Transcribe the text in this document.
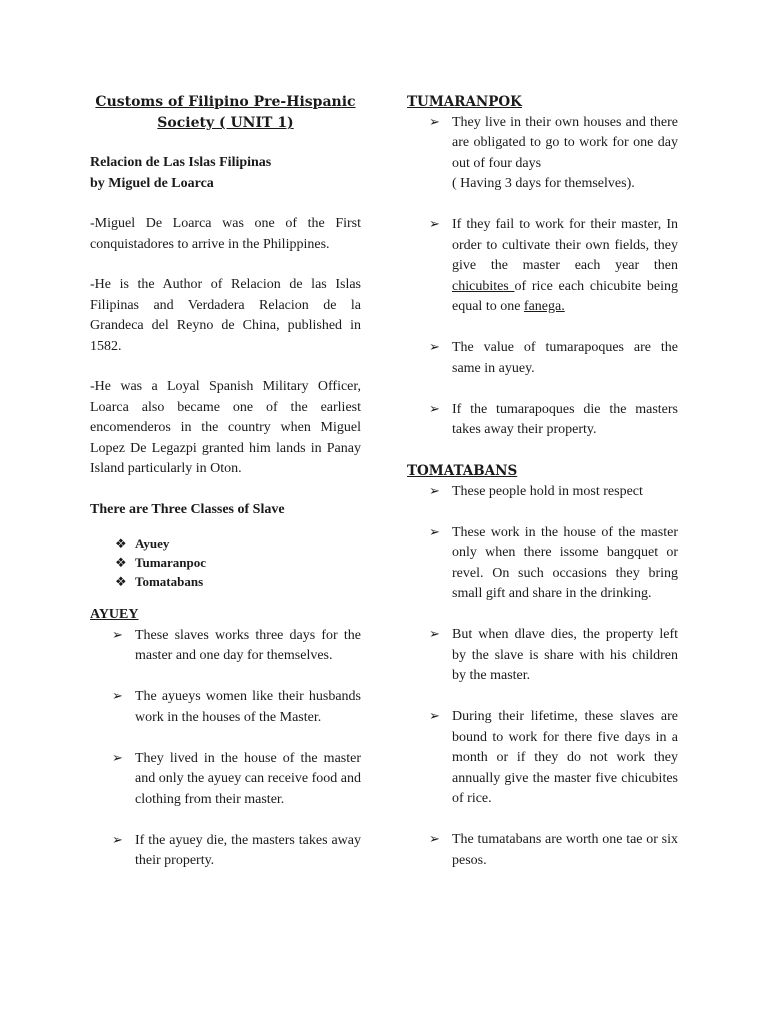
Customs of Filipino Pre-Hispanic
Society ( UNIT 1)

Relacion de Las Islas Filipinas
by Miguel de Loarca

-Miguel De Loarca was one of the First conquistadores to arrive in the Philippines.

-He is the Author of Relacion de las Islas Filipinas and Verdadera Relacion de la Grandeca del Reyno de China, published in 1582.

-He was a Loyal Spanish Military Officer, Loarca also became one of the earliest encomenderos in the country when Miguel Lopez De Legazpi granted him lands in Panay Island particularly in Oton.

There are Three Classes of Slave

❖ Ayuey
❖ Tumaranpoc
❖ Tomatabans

AYUEY

➢ These slaves works three days for the master and one day for themselves.
➢ The ayueys women like their husbands work in the houses of the Master.
➢ They lived in the house of the master and only the ayuey can receive food and clothing from their master.
➢ If the ayuey die, the masters takes away their property.

TUMARANPOK

➢ They live in their own houses and there are obligated to go to work for one day out of four days
( Having 3 days for themselves).
➢ If they fail to work for their master, In order to cultivate their own fields, they give the master each year then chicubites of rice each chicubite being equal to one fanega.
➢ The value of tumarapoques are the same in ayuey.
➢ If the tumarapoques die the masters takes away their property.

TOMATABANS

➢ These people hold in most respect
➢ These work in the house of the master only when there issome bangquet or revel. On such occasions they bring small gift and share in the drinking.
➢ But when dlave dies, the property left by the slave is share with his children by the master.
➢ During their lifetime, these slaves are bound to work for there five days in a month or if they do not work they annually give the master five chicubites of rice.
➢ The tumatabans are worth one tae or six pesos.
